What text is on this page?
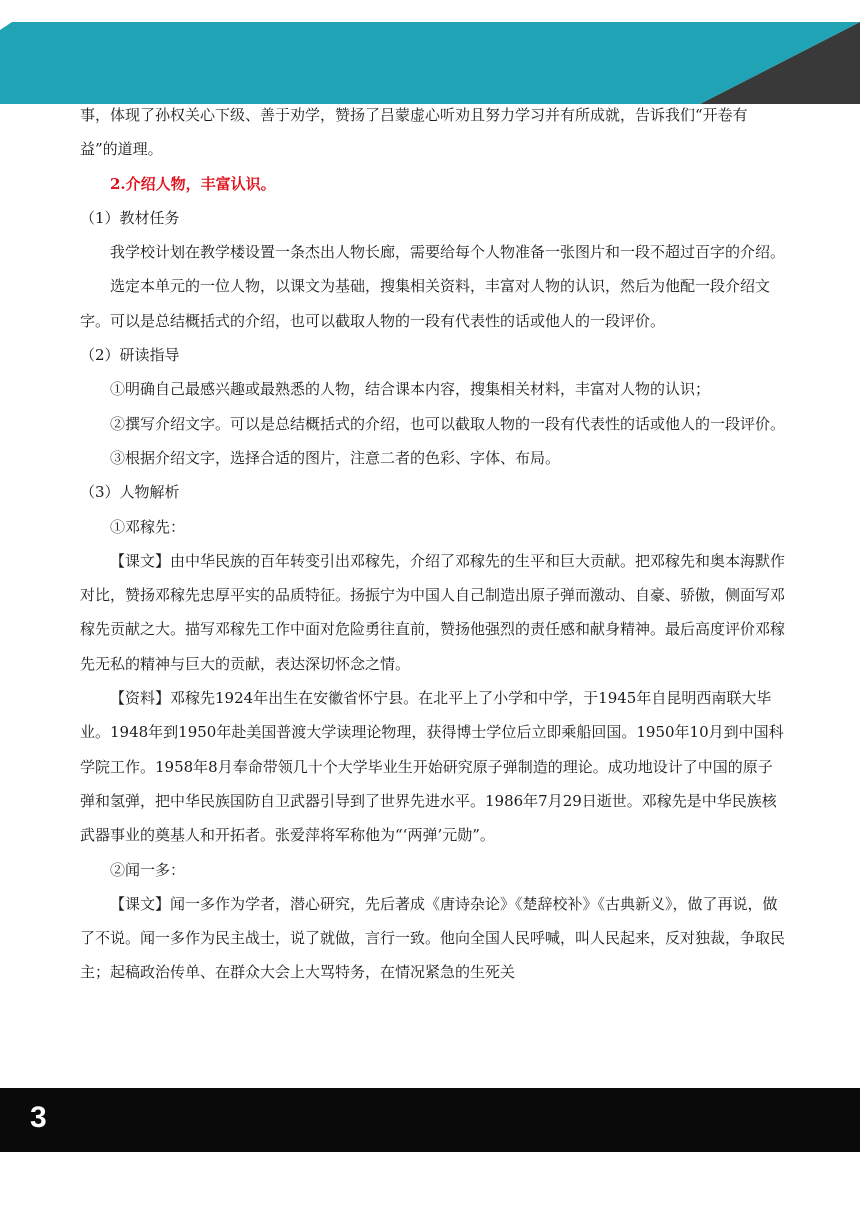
事，体现了孙权关心下级、善于劝学，赞扬了吕蒙虚心听劝且努力学习并有所成就，告诉我们“开卷有益”的道理。

2.介绍人物，丰富认识。

（1）教材任务

我学校计划在教学楼设置一条杰出人物长廊，需要给每个人物准备一张图片和一段不超过百字的介绍。

选定本单元的一位人物，以课文为基础，搜集相关资料，丰富对人物的认识，然后为他配一段介绍文字。可以是总结概括式的介绍，也可以截取人物的一段有代表性的话或他人的一段评价。

（2）研读指导

①明确自己最感兴趣或最熟悉的人物，结合课本内容，搜集相关材料，丰富对人物的认识；

②撰写介绍文字。可以是总结概括式的介绍，也可以截取人物的一段有代表性的话或他人的一段评价。

③根据介绍文字，选择合适的图片，注意二者的色彩、字体、布局。

（3）人物解析

①邓稼先：

【课文】由中华民族的百年转变引出邓稼先，介绍了邓稼先的生平和巨大贡献。把邓稼先和奥本海默作对比，赞扬邓稼先忠厚平实的品质特征。扬振宁为中国人自己制造出原子弹而激动、自豪、骄傲，侧面写邓稼先贡献之大。描写邓稼先工作中面对危险勇往直前，赞扬他强烈的责任感和献身精神。最后高度评价邓稼先无私的精神与巨大的贡献，表达深切怀念之情。

【资料】邓稼先1924年出生在安徽省怀宁县。在北平上了小学和中学，于1945年自昆明西南联大毕业。1948年到1950年赴美国普渡大学读理论物理，获得博士学位后立即乘船回国。1950年10月到中国科学院工作。1958年8月奉命带领几十个大学毕业生开始研究原子弹制造的理论。成功地设计了中国的原子弹和氢弹，把中华民族国防自卫武器引导到了世界先进水平。1986年7月29日逝世。邓稼先是中华民族核武器事业的奠基人和开拓者。张爱萍将军称他为“‘两弹’元勋”。

②闻一多：

【课文】闻一多作为学者，潜心研究，先后著成《唐诗杂论》《楚辞校补》《古典新义》，做了再说，做了不说。闻一多作为民主战士，说了就做，言行一致。他向全国人民呼喊，叫人民起来，反对独裁，争取民主；起稿政治传单、在群众大会上大骂特务，在情况紧急的生死关

3
